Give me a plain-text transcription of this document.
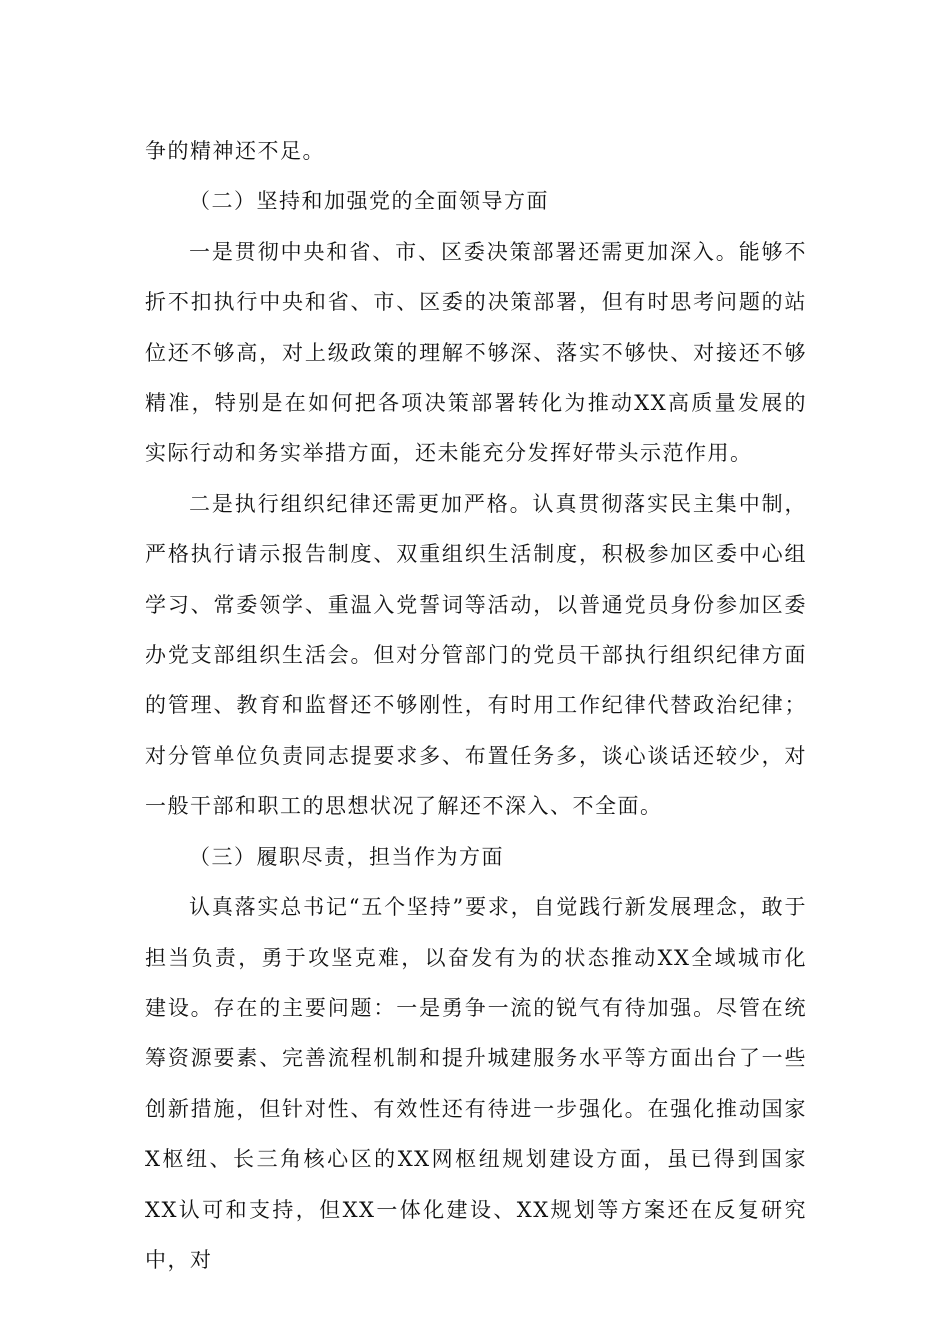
争的精神还不足。

（二）坚持和加强党的全面领导方面

一是贯彻中央和省、市、区委决策部署还需更加深入。能够不折不扣执行中央和省、市、区委的决策部署，但有时思考问题的站位还不够高，对上级政策的理解不够深、落实不够快、对接还不够精准，特别是在如何把各项决策部署转化为推动XX高质量发展的实际行动和务实举措方面，还未能充分发挥好带头示范作用。

二是执行组织纪律还需更加严格。认真贯彻落实民主集中制，严格执行请示报告制度、双重组织生活制度，积极参加区委中心组学习、常委领学、重温入党誓词等活动，以普通党员身份参加区委办党支部组织生活会。但对分管部门的党员干部执行组织纪律方面的管理、教育和监督还不够刚性，有时用工作纪律代替政治纪律；对分管单位负责同志提要求多、布置任务多，谈心谈话还较少，对一般干部和职工的思想状况了解还不深入、不全面。

（三）履职尽责，担当作为方面

认真落实总书记“五个坚持”要求，自觉践行新发展理念，敢于担当负责，勇于攻坚克难，以奋发有为的状态推动XX全域城市化建设。存在的主要问题：一是勇争一流的锐气有待加强。尽管在统筹资源要素、完善流程机制和提升城建服务水平等方面出台了一些创新措施，但针对性、有效性还有待进一步强化。在强化推动国家X枢纽、长三角核心区的XX网枢纽规划建设方面，虽已得到国家XX认可和支持，但XX一体化建设、XX规划等方案还在反复研究中，对
